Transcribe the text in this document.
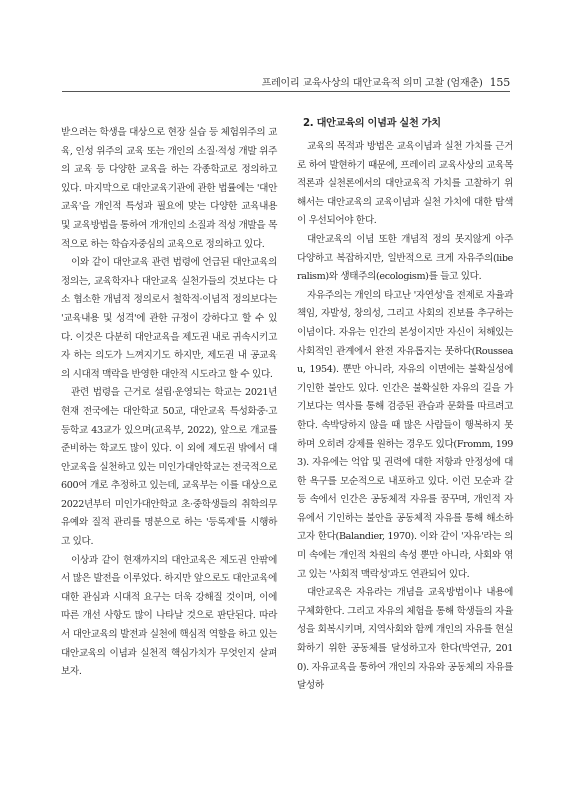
프레이리 교육사상의 대안교육적 의미 고찰 (엄재춘) 155

받으려는 학생을 대상으로 현장 실습 등 체험위주의 교육, 인성 위주의 교육 또는 개인의 소질·적성 개발 위주의 교육 등 다양한 교육을 하는 각종학교로 정의하고 있다. 마지막으로 대안교육기관에 관한 법률에는 '대안교육'을 개인적 특성과 필요에 맞는 다양한 교육내용 및 교육방법을 통하여 개개인의 소질과 적성 개발을 목적으로 하는 학습자중심의 교육으로 정의하고 있다.

이와 같이 대안교육 관련 법령에 언급된 대안교육의 정의는, 교육학자나 대안교육 실천가들의 것보다는 다소 협소한 개념적 정의로서 철학적·이념적 정의보다는 '교육내용 및 성격'에 관한 규정이 강하다고 할 수 있다. 이것은 다분히 대안교육을 제도권 내로 귀속시키고자 하는 의도가 느껴지기도 하지만, 제도권 내 공교육의 시대적 맥락을 반영한 대안적 시도라고 할 수 있다.

관련 법령을 근거로 설립·운영되는 학교는 2021년 현재 전국에는 대안학교 50교, 대안교육 특성화중·고등학교 43교가 있으며(교육부, 2022), 앞으로 개교를 준비하는 학교도 많이 있다. 이 외에 제도권 밖에서 대안교육을 실천하고 있는 미인가대안학교는 전국적으로 600여 개로 추정하고 있는데, 교육부는 이를 대상으로 2022년부터 미인가대안학교 초·중학생들의 취학의무 유예와 질적 관리를 명분으로 하는 '등록제'를 시행하고 있다.

이상과 같이 현재까지의 대안교육은 제도권 안팎에서 많은 발전을 이루었다. 하지만 앞으로도 대안교육에 대한 관심과 시대적 요구는 더욱 강해질 것이며, 이에 따른 개선 사항도 많이 나타날 것으로 판단된다. 따라서 대안교육의 발전과 실천에 핵심적 역할을 하고 있는 대안교육의 이념과 실천적 핵심가치가 무엇인지 살펴보자.

2. 대안교육의 이념과 실천 가치

교육의 목적과 방법은 교육이념과 실천 가치를 근거로 하여 발현하기 때문에, 프레이리 교육사상의 교육목적론과 실천론에서의 대안교육적 가치를 고찰하기 위해서는 대안교육의 교육이념과 실천 가치에 대한 탐색이 우선되어야 한다.

대안교육의 이념 또한 개념적 정의 못지않게 아주 다양하고 복잡하지만, 일반적으로 크게 자유주의(liberalism)와 생태주의(ecologism)를 들고 있다.

자유주의는 개인의 타고난 '자연성'을 전제로 자율과 책임, 자발성, 창의성, 그리고 사회의 진보를 추구하는 이념이다. 자유는 인간의 본성이지만 자신이 처해있는 사회적인 관계에서 완전 자유롭지는 못하다(Rousseau, 1954). 뿐만 아니라, 자유의 이면에는 불확실성에 기인한 불안도 있다. 인간은 불확실한 자유의 길을 가기보다는 역사를 통해 검증된 관습과 문화를 따르려고 한다. 속박당하지 않을 때 많은 사람들이 행복하지 못하며 오히려 강제를 원하는 경우도 있다(Fromm, 1993). 자유에는 억압 및 권력에 대한 저항과 안정성에 대한 욕구를 모순적으로 내포하고 있다. 이런 모순과 갈등 속에서 인간은 공동체적 자유를 꿈꾸며, 개인적 자유에서 기인하는 불안을 공동체적 자유를 통해 해소하고자 한다(Balandier, 1970). 이와 같이 '자유'라는 의미 속에는 개인적 차원의 속성 뿐만 아니라, 사회와 엮고 있는 '사회적 맥락성'과도 연관되어 있다.

대안교육은 자유라는 개념을 교육방법이나 내용에 구체화한다. 그리고 자유의 체험을 통해 학생들의 자율성을 회복시키며, 지역사회와 함께 개인의 자유를 현실화하기 위한 공동체를 달성하고자 한다(박연규, 2010). 자유교육을 통하여 개인의 자유와 공동체의 자유를 달성하
